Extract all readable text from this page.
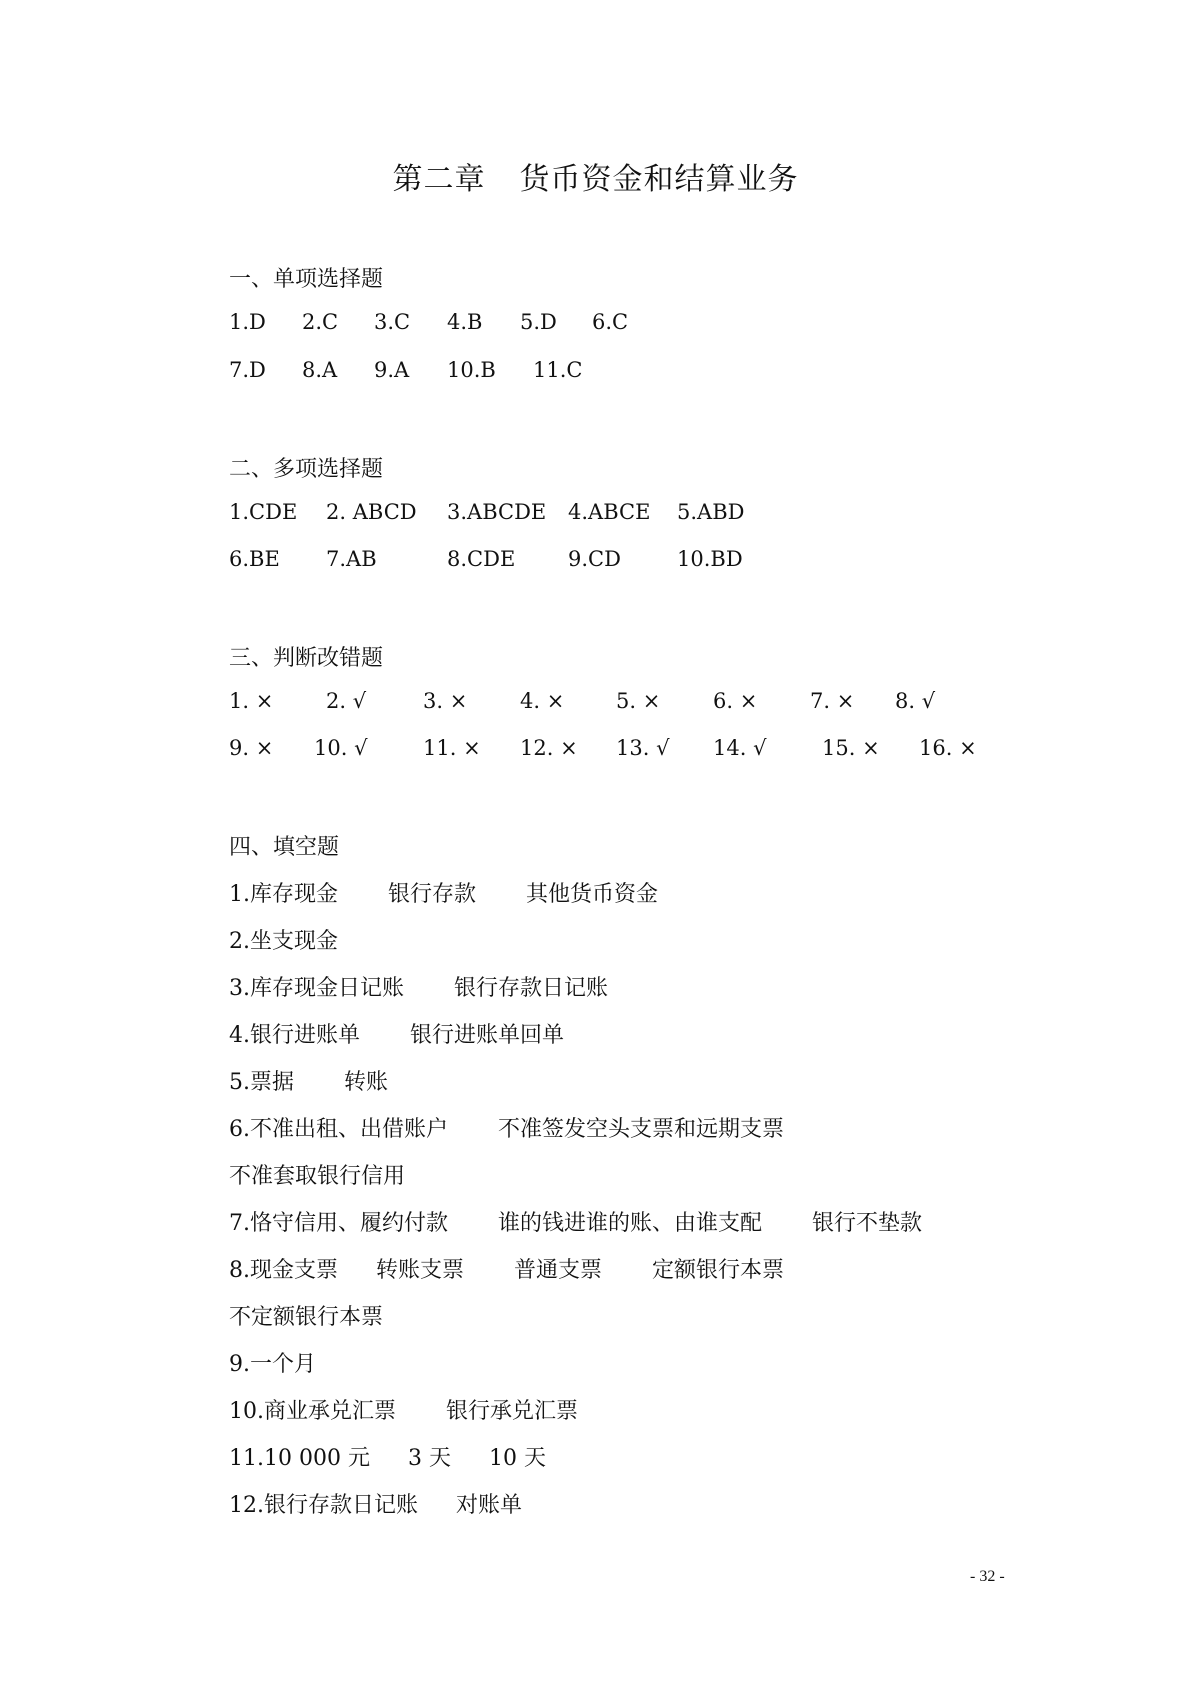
第二章 货币资金和结算业务
一、单项选择题
1.D 2.C 3.C 4.B 5.D 6.C
7.D 8.A 9.A 10.B 11.C
二、多项选择题
1.CDE 2. ABCD 3.ABCDE 4.ABCE 5.ABD
6.BE 7.AB	8.CDE	9.CD	10.BD
三、判断改错题
1. ×	2. √	3. ×	4. × 5. ×	6. ×	7. × 8. √
9. × 10. √	11. × 12. × 13. √ 14. √	15. × 16. ×
四、填空题
1.库存现金 银行存款 其他货币资金
2.坐支现金
3.库存现金日记账 银行存款日记账
4.银行进账单 银行进账单回单
5.票据 转账
6.不准出租、出借账户 不准签发空头支票和远期支票
不准套取银行信用
7.恪守信用、履约付款 谁的钱进谁的账、由谁支配 银行不垫款
8.现金支票 转账支票 普通支票 定额银行本票
不定额银行本票
9.一个月
10.商业承兑汇票 银行承兑汇票
11.10 000 元 3 天 10 天
12.银行存款日记账 对账单
- 32 -
